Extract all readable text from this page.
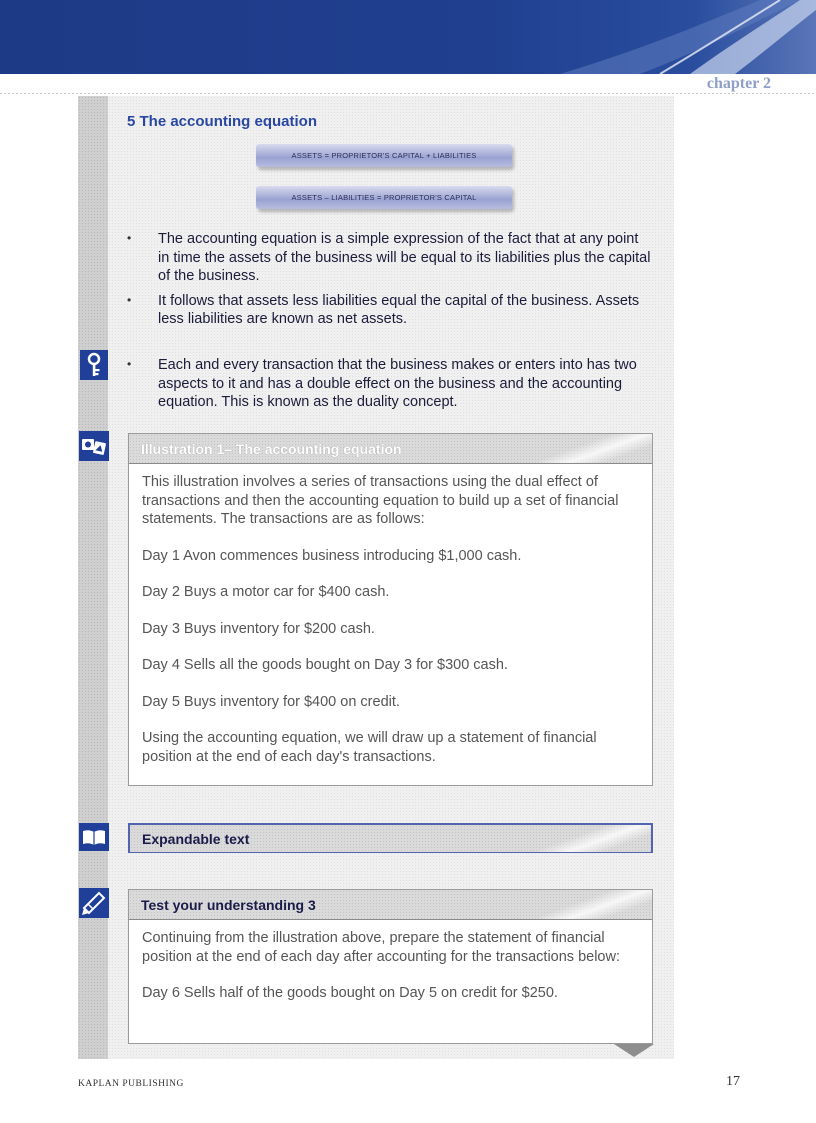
chapter 2
5 The accounting equation
ASSETS = PROPRIETOR'S CAPITAL + LIABILITIES
ASSETS – LIABILITIES = PROPRIETOR'S CAPITAL
• The accounting equation is a simple expression of the fact that at any point in time the assets of the business will be equal to its liabilities plus the capital of the business.
• It follows that assets less liabilities equal the capital of the business. Assets less liabilities are known as net assets.
• Each and every transaction that the business makes or enters into has two aspects to it and has a double effect on the business and the accounting equation. This is known as the duality concept.
Illustration 1– The accounting equation

This illustration involves a series of transactions using the dual effect of transactions and then the accounting equation to build up a set of financial statements. The transactions are as follows:

Day 1 Avon commences business introducing $1,000 cash.

Day 2 Buys a motor car for $400 cash.

Day 3 Buys inventory for $200 cash.

Day 4 Sells all the goods bought on Day 3 for $300 cash.

Day 5 Buys inventory for $400 on credit.

Using the accounting equation, we will draw up a statement of financial position at the end of each day's transactions.

Expandable text
Test your understanding 3

Continuing from the illustration above, prepare the statement of financial position at the end of each day after accounting for the transactions below:

Day 6 Sells half of the goods bought on Day 5 on credit for $250.

KAPLAN PUBLISHING	17
